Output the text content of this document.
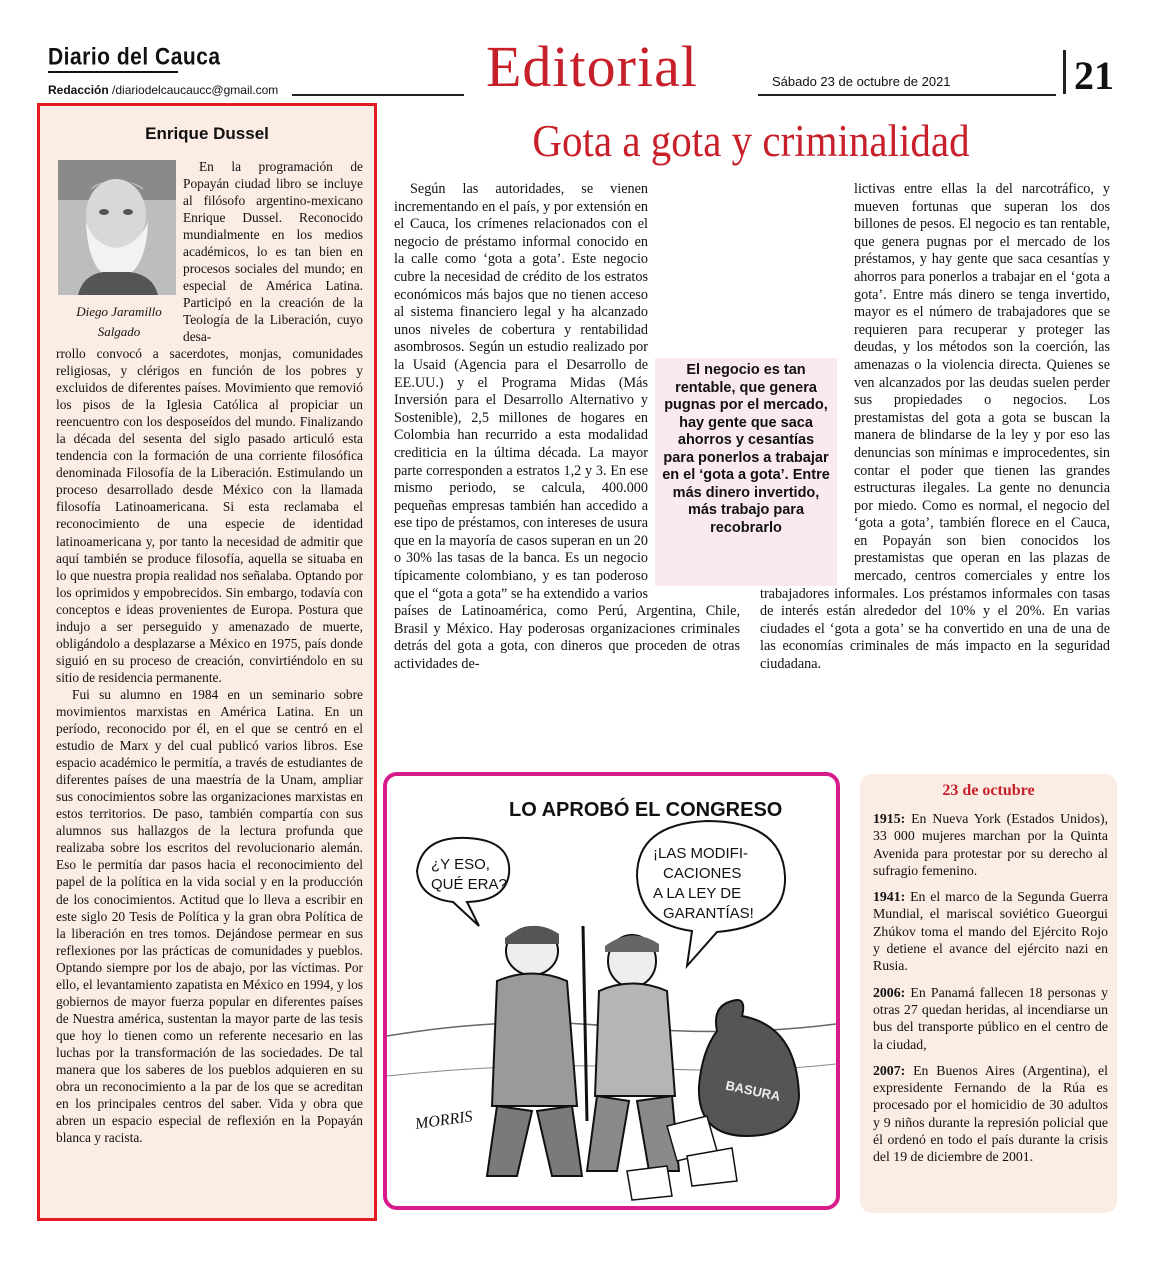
Diario del Cauca
Redacción /diariodelcaucaucc@gmail.com	Editorial	Sábado 23 de octubre de 2021	21
Enrique Dussel
Diego Jaramillo Salgado

En la programación de Popayán ciudad libro se incluye al filósofo argentino-mexicano Enrique Dussel. Reconocido mundialmente en los medios académicos, lo es tan bien en procesos sociales del mundo; en especial de América Latina. Participó en la creación de la Teología de la Liberación, cuyo desa-

rrollo convocó a sacerdotes, monjas, comunidades religiosas, y clérigos en función de los pobres y excluidos de diferentes países. Movimiento que removió los pisos de la Iglesia Católica al propiciar un reencuentro con los desposeídos del mundo. Finalizando la década del sesenta del siglo pasado articuló esta tendencia con la formación de una corriente filosófica denominada Filosofía de la Liberación. Estimulando un proceso desarrollado desde México con la llamada filosofía Latinoamericana. Si esta reclamaba el reconocimiento de una especie de identidad latinoamericana y, por tanto la necesidad de admitir que aquí también se produce filosofía, aquella se situaba en lo que nuestra propia realidad nos señalaba. Optando por los oprimidos y empobrecidos. Sin embargo, todavía con conceptos e ideas provenientes de Europa. Postura que indujo a ser perseguido y amenazado de muerte, obligándolo a desplazarse a México en 1975, país donde siguió en su proceso de creación, convirtiéndolo en su sitio de residencia permanente.

Fui su alumno en 1984 en un seminario sobre movimientos marxistas en América Latina. En un período, reconocido por él, en el que se centró en el estudio de Marx y del cual publicó varios libros. Ese espacio académico le permitía, a través de estudiantes de diferentes países de una maestría de la Unam, ampliar sus conocimientos sobre las organizaciones marxistas en estos territorios. De paso, también compartía con sus alumnos sus hallazgos de la lectura profunda que realizaba sobre los escritos del revolucionario alemán. Eso le permitía dar pasos hacia el reconocimiento del papel de la política en la vida social y en la producción de los conocimientos. Actitud que lo lleva a escribir en este siglo 20 Tesis de Política y la gran obra Política de la liberación en tres tomos. Dejándose permear en sus reflexiones por las prácticas de comunidades y pueblos. Optando siempre por los de abajo, por las víctimas. Por ello, el levantamiento zapatista en México en 1994, y los gobiernos de mayor fuerza popular en diferentes países de Nuestra américa, sustentan la mayor parte de las tesis que hoy lo tienen como un referente necesario en las luchas por la transformación de las sociedades. De tal manera que los saberes de los pueblos adquieren en su obra un reconocimiento a la par de los que se acreditan en los principales centros del saber. Vida y obra que abren un espacio especial de reflexión en la Popayán blanca y racista.

Gota a gota y criminalidad

Según las autoridades, se vienen incrementando en el país, y por extensión en el Cauca, los crímenes relacionados con el negocio de préstamo informal conocido en la calle como ‘gota a gota’. Este negocio cubre la necesidad de crédito de los estratos económicos más bajos que no tienen acceso al sistema financiero legal y ha alcanzado unos niveles de cobertura y rentabilidad asombrosos. Según un estudio realizado por la Usaid (Agencia para el Desarrollo de EE.UU.) y el Programa Midas (Más Inversión para el Desarrollo Alternativo y Sostenible), 2,5 millones de hogares en Colombia han recurrido a esta modalidad crediticia en la última década. La mayor parte corresponden a estratos 1,2 y 3. En ese mismo periodo, se calcula, 400.000 pequeñas empresas también han accedido a ese tipo de préstamos, con intereses de usura que en la mayoría de casos superan en un 20 o 30% las tasas de la banca. Es un negocio típicamente colombiano, y es tan poderoso que el “gota a gota” se ha extendido a varios países de Latinoamérica, como Perú, Argentina, Chile, Brasil y México. Hay poderosas organizaciones criminales detrás del gota a gota, con dineros que proceden de otras actividades de-

lictivas entre ellas la del narcotráfico, y mueven fortunas que superan los dos billones de pesos. El negocio es tan rentable, que genera pugnas por el mercado de los préstamos, y hay gente que saca cesantías y ahorros para ponerlos a trabajar en el ‘gota a gota’. Entre más dinero se tenga invertido, mayor es el número de trabajadores que se requieren para recuperar y proteger las deudas, y los métodos son la coerción, las amenazas o la violencia directa. Quienes se ven alcanzados por las deudas suelen perder sus propiedades o negocios. Los prestamistas del gota a gota se buscan la manera de blindarse de la ley y por eso las denuncias son mínimas e improcedentes, sin contar el poder que tienen las grandes estructuras ilegales. La gente no denuncia por miedo. Como es normal, el negocio del ‘gota a gota’, también florece en el Cauca, en Popayán son bien conocidos los prestamistas que operan en las plazas de mercado, centros comerciales y entre los trabajadores informales. Los préstamos informales con tasas de interés están alrededor del 10% y el 20%. En varias ciudades el ‘gota a gota’ se ha convertido en una de una de las economías criminales de más impacto en la seguridad ciudadana.

El negocio es tan rentable, que genera pugnas por el mercado, hay gente que saca ahorros y cesantías para ponerlos a trabajar en el ‘gota a gota’. Entre más dinero invertido, más trabajo para recobrarlo
LO APROBÓ EL CONGRESO
¿Y ESO,
QUÉ ERA?
¡LAS MODIFI-
CACIONES
A LA LEY DE
GARANTÍAS!
BASURA
MORRIS
23 de octubre

1915: En Nueva York (Estados Unidos), 33 000 mujeres marchan por la Quinta Avenida para protestar por su derecho al sufragio femenino.

1941: En el marco de la Segunda Guerra Mundial, el mariscal soviético Gueorgui Zhúkov toma el mando del Ejército Rojo y detiene el avance del ejército nazi en Rusia.

2006: En Panamá fallecen 18 personas y otras 27 quedan heridas, al incendiarse un bus del transporte público en el centro de la ciudad,

2007: En Buenos Aires (Argentina), el expresidente Fernando de la Rúa es procesado por el homicidio de 30 adultos y 9 niños durante la represión policial que él ordenó en todo el país durante la crisis del 19 de diciembre de 2001.
